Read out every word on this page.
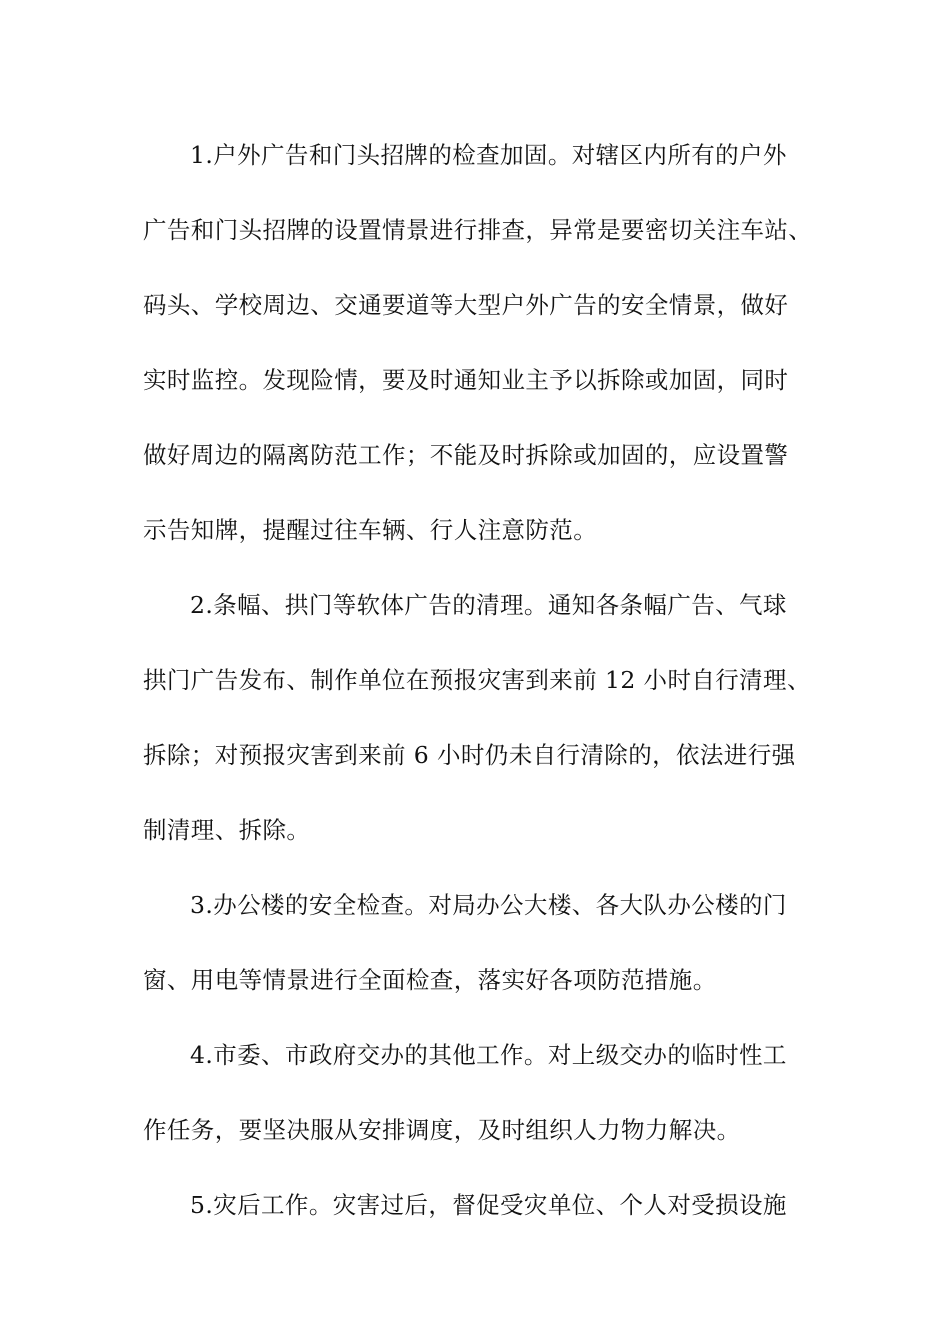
1.户外广告和门头招牌的检查加固。对辖区内所有的户外
广告和门头招牌的设置情景进行排查，异常是要密切关注车站、
码头、学校周边、交通要道等大型户外广告的安全情景，做好
实时监控。发现险情，要及时通知业主予以拆除或加固，同时
做好周边的隔离防范工作；不能及时拆除或加固的，应设置警
示告知牌，提醒过往车辆、行人注意防范。
2.条幅、拱门等软体广告的清理。通知各条幅广告、气球
拱门广告发布、制作单位在预报灾害到来前 12 小时自行清理、
拆除；对预报灾害到来前 6 小时仍未自行清除的，依法进行强
制清理、拆除。
3.办公楼的安全检查。对局办公大楼、各大队办公楼的门
窗、用电等情景进行全面检查，落实好各项防范措施。
4.市委、市政府交办的其他工作。对上级交办的临时性工
作任务，要坚决服从安排调度，及时组织人力物力解决。
5.灾后工作。灾害过后，督促受灾单位、个人对受损设施
